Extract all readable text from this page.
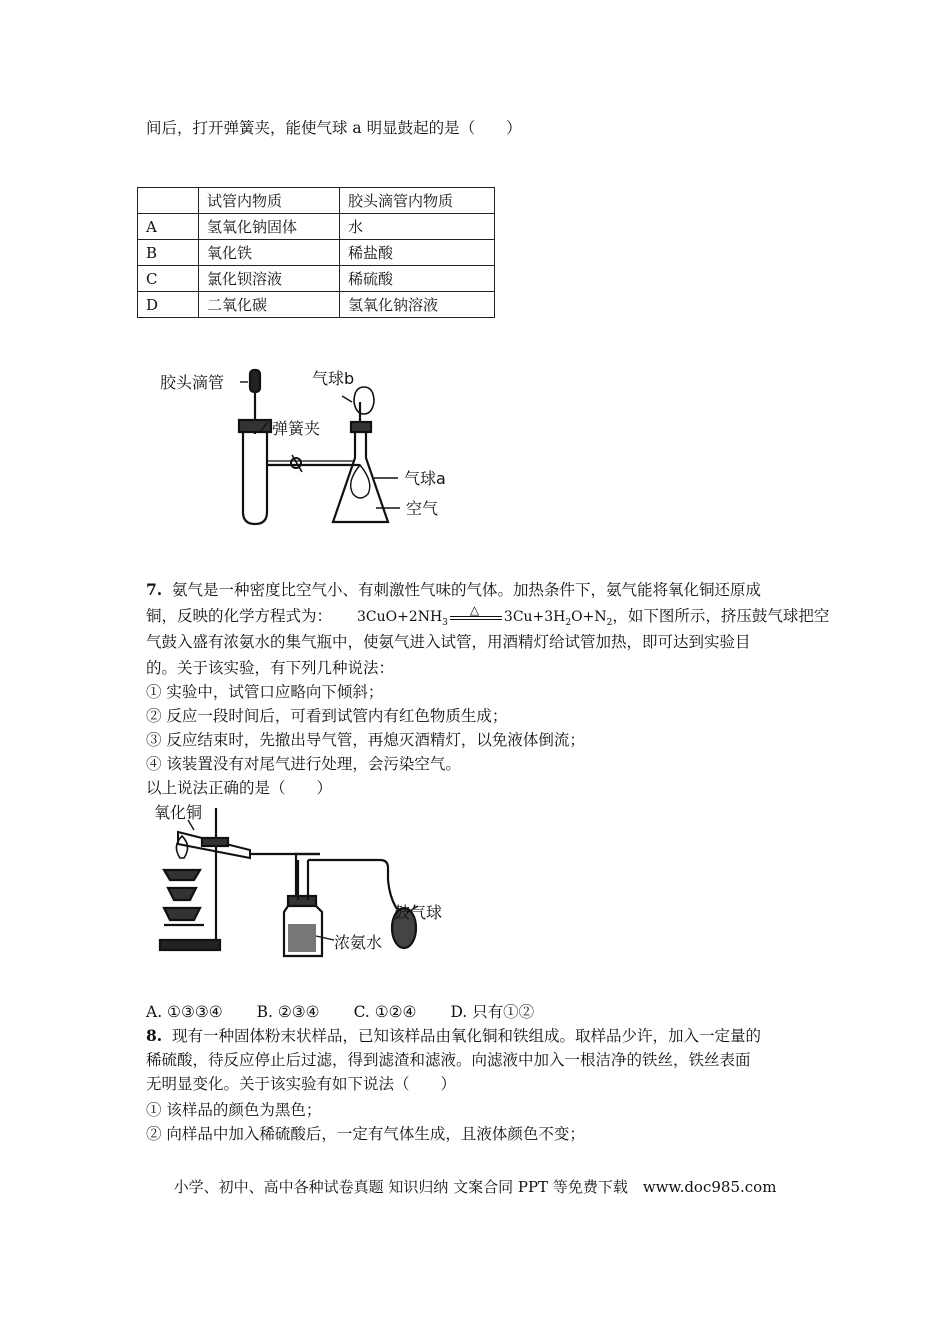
间后，打开弹簧夹，能使气球 a 明显鼓起的是（　　）
	试管内物质	胶头滴管内物质
A	氢氧化钠固体	水
B	氧化铁	稀盐酸
C	氯化钡溶液	稀硫酸
D	二氧化碳	氢氧化钠溶液
胶头滴管	气球b
弹簧夹
气球a
空气
7. 氨气是一种密度比空气小、有刺激性气味的气体。加热条件下，氨气能将氧化铜还原成
铜，反映的化学方程式为： $3CuO+2NH_3$
△ $3Cu+3H_2O+N_2$，如下图所示，挤压鼓气球把空
气鼓入盛有浓氨水的集气瓶中，使氨气进入试管，用酒精灯给试管加热，即可达到实验目
的。关于该实验，有下列几种说法：
① 实验中，试管口应略向下倾斜；
② 反应一段时间后，可看到试管内有红色物质生成；
③ 反应结束时，先撤出导气管，再熄灭酒精灯，以免液体倒流；
④ 该装置没有对尾气进行处理，会污染空气。
以上说法正确的是（　　）
氧化铜
鼓气球
浓氨水
A. ①③③④ B. ②③④ C. ①②④ D. 只有①②
8. 现有一种固体粉末状样品，已知该样品由氧化铜和铁组成。取样品少许，加入一定量的
稀硫酸，待反应停止后过滤，得到滤渣和滤液。向滤液中加入一根洁净的铁丝，铁丝表面
无明显变化。关于该实验有如下说法（　　）
① 该样品的颜色为黑色；
② 向样品中加入稀硫酸后，一定有气体生成，且液体颜色不变；
小学、初中、高中各种试卷真题 知识归纳 文案合同 PPT 等免费下载　www.doc985.com
